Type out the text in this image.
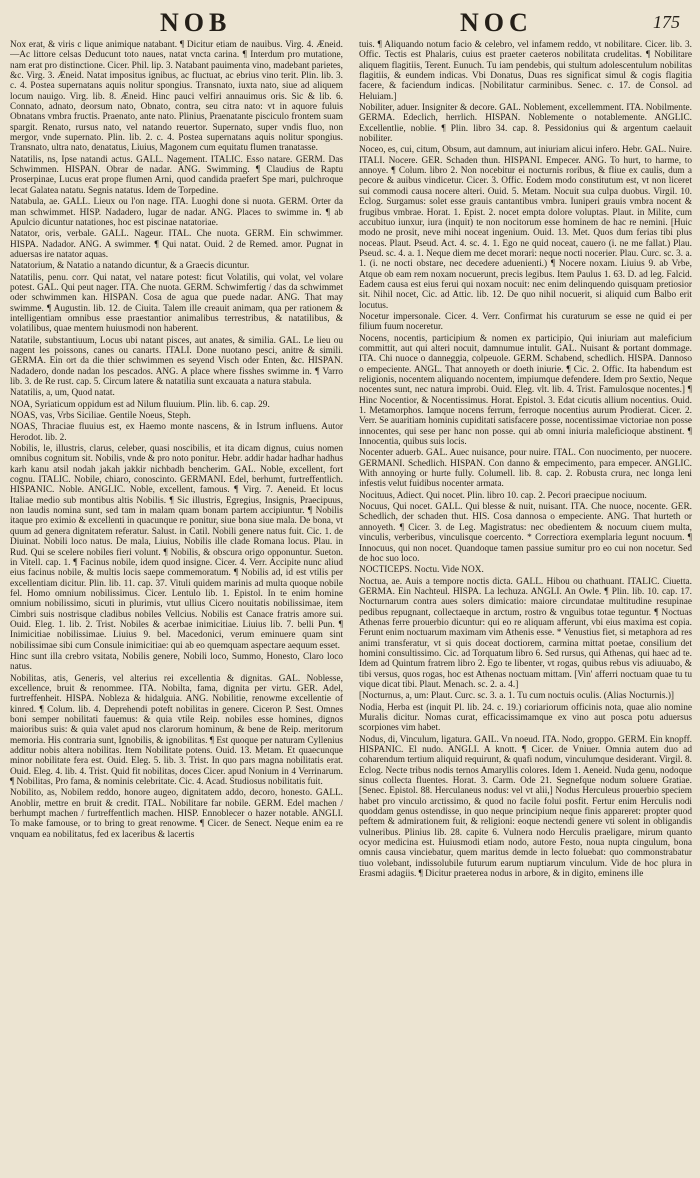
NOB	NOC	175

Nox erat, & viris c lique animique natabant. ¶ Dicitur etiam de nauibus. Virg. 4. Æneid. —Ac littore celsas Deducunt toto naues, natat vncta carina. ¶ Interdum pro mutatione, nam erat pro distinctione. Cicer. Phil. lip. 3. Natabant pauimenta vino, madebant parietes, &c. Virg. 3. Æneid. Natat impositus ignibus, ac fluctuat, ac ebrius vino terit. Plin. lib. 3. c. 4. Postea supernatans aquis nolitur spongius. Transnato, iuxta nato, siue ad aliquem locum nauigo. Virg. lib. 8. Æneid. Hinc pauci velfiri annauimus oris. Sic & lib. 6. Connato, adnato, deorsum nato, Obnato, contra, seu citra nato: vt in aquore fuluis Obnatans vmbra fructis. Praenato, ante nato. Plinius, Praenatante pisciculo frontem suam spargit. Renato, rursus nato, vel natando reuertor. Supernato, super vndis fluo, non mergor, vnde supernato. Plin. lib. 2. c. 4. Postea supernatans aquis nolitur spongius. Transnato, ultra nato, denatatus, Liuius, Magonem cum equitatu flumen tranatasse.

Natatilis, ns, Ipse natandi actus. GALL. Nagement. ITALIC. Esso natare. GERM. Das Schwimmen. HISPAN. Obrar de nadar. ANG. Swimming. ¶ Claudius de Raptu Proserpinae, Lucus erat prope flumen Arni, quod candida praefert Spe mari, pulchroque lecat Galatea natatu. Segnis natatus. Idem de Torpedine.

Natabula, ae. GALL. Lieux ou l'on nage. ITA. Luoghi done si nuota. GERM. Orter da man schwimmet. HISP. Nadadero, lugar de nadar. ANG. Places to swimme in. ¶ ab Apulcio dicuntur natationes, hoc est piscinae natatoriae.

Natator, oris, verbale. GALL. Nageur. ITAL. Che nuota. GERM. Ein schwimmer. HISPA. Nadador. ANG. A swimmer. ¶ Qui natat. Ouid. 2 de Remed. amor. Pugnat in aduersas ire natator aquas.

Natatorium, & Natatio a natando dicuntur, & a Graecis dicuntur.

Natatilis, penu. corr. Qui natat, vel natare potest: ficut Volatilis, qui volat, vel volare potest. GAL. Qui peut nager. ITA. Che nuota. GERM. Schwimfertig / das da schwimmet oder schwimmen kan. HISPAN. Cosa de agua que puede nadar. ANG. That may swimme. ¶ Augustin. lib. 12. de Ciuita. Talem ille creauit animam, qua per rationem & intelligentiam omnibus esse praestantior animalibus terrestribus, & natatilibus, & volatilibus, quae mentem huiusmodi non haberent.

Natatile, substantiuum, Locus ubi natant pisces, aut anates, & similia. GAL. Le lieu ou nagent les poissons, canes ou canarts. ITALI. Done nuotano pesci, anitre & simili. GERMA. Ein ort da die thier schwimmen es seyend Visch oder Enten, &c. HISPAN. Nadadero, donde nadan los pescados. ANG. A place where fisshes swimme in. ¶ Varro lib. 3. de Re rust. cap. 5. Circum latere & natatilia sunt excauata a natura stabula.

Natatilis, a, um, Quod natat.

NOA, Syriaticum oppidum est ad Nilum fluuium. Plin. lib. 6. cap. 29.

NOAS, vas, Vrbs Siciliae. Gentile Noeus, Steph.

NOAS, Thraciae fluuius est, ex Haemo monte nascens, & in Istrum influens. Autor Herodot. lib. 2.

Nobilis, le, illustris, clarus, celeber, quasi noscibilis, et ita dicam dignus, cuius nomen omnibus cognitum sit. Nobilis, vnde & pro noto ponitur. Hebr. addir hadar hadhar hadhus karh kanu atsil nodah jakah jakkir nichbadh bencherim. GAL. Noble, excellent, fort cognu. ITALIC. Nobile, chiaro, conoscinto. GERMANI. Edel, berhumt, furtreffentlich. HISPANIC. Noble. ANGLIC. Noble, excellent, famous. ¶ Virg. 7. Aeneid. Et locus Italiae medio sub montibus altis Nobilis. ¶ Sic illustris, Egregius, Insignis, Praecipuus, non laudis nomina sunt, sed tam in malam quam bonam partem accipiuntur. ¶ Nobilis itaque pro eximio & excellenti in quacunque re ponitur, siue bona siue mala. De bona, vt quum ad genera dignitatem referatur. Salust. in Catil. Nobili genere natus fuit. Cic. 1. de Diuinat. Nobili loco natus. De mala, Liuius, Nobilis ille clade Romana locus. Plau. in Rud. Qui se scelere nobiles fieri volunt. ¶ Nobilis, & obscura origo opponuntur. Sueton. in Vitell. cap. 1. ¶ Facinus nobile, idem quod insigne. Cicer. 4. Verr. Accipite nunc aliud eius facinus nobile, & multis locis saepe commemoratum. ¶ Nobilis ad, id est vtilis per excellentiam dicitur. Plin. lib. 11. cap. 37. Vituli quidem marinis ad multa quoque nobile fel. Homo omnium nobilissimus. Cicer. Lentulo lib. 1. Epistol. In te enim homine omnium nobilissimo, sicuti in plurimis, vtut ullius Cicero nouitatis nobilissimae, item Cimbri suis nostrisque cladibus nobiles Vellcius. Nobilis est Canace fratris amore sui. Ouid. Eleg. 1. lib. 2. Trist. Nobiles & acerbae inimicitiae. Liuius lib. 7. belli Pun. ¶ Inimicitiae nobilissimae. Liuius 9. bel. Macedonici, verum eminuere quam sint nobilissimae sibi cum Consule inimicitiae: qui ab eo quemquam aspectare aequum esset.

Hinc sunt illa crebro vsitata, Nobilis genere, Nobili loco, Summo, Honesto, Claro loco natus.

Nobilitas, atis, Generis, vel alterius rei excellentia & dignitas. GAL. Noblesse, excellence, bruit & renommee. ITA. Nobilta, fama, dignita per virtu. GER. Adel, furtreffenheit. HISPA. Nobleza & hidalguia. ANG. Nobilitie, renowme excellentie of kinred. ¶ Colum. lib. 4. Deprehendi poteft nobilitas in genere. Ciceron P. Sest. Omnes boni semper nobilitati fauemus: & quia vtile Reip. nobiles esse homines, dignos maioribus suis: & quia valet apud nos clarorum hominum, & bene de Reip. meritorum memoria. His contraria sunt, Ignobilis, & ignobilitas. ¶ Est quoque per naturam Cyllenius additur nobis altera nobilitas. Item Nobilitate potens. Ouid. 13. Metam. Et quaecunque minor nobilitate fera est. Ouid. Eleg. 5. lib. 3. Trist. In quo pars magna nobilitatis erat. Ouid. Eleg. 4. lib. 4. Trist. Quid fit nobilitas, doces Cicer. apud Nonium in 4 Verrinarum. ¶ Nobilitas, Pro fama, & nominis celebritate. Cic. 4. Acad. Studiosus nobilitatis fuit.

Nobilito, as, Nobilem reddo, honore augeo, dignitatem addo, decoro, honesto. GALL. Anoblir, mettre en bruit & credit. ITAL. Nobilitare far nobile. GERM. Edel machen / berhumpt machen / furtreffentlich machen. HISP. Ennoblecer o hazer notable. ANGLI. To make famouse, or to bring to great renowme. ¶ Cicer. de Senect. Neque enim ea re vnquam ea nobilitatus, fed ex laceribus & lacertis

tuis. ¶ Aliquando notum facio & celebro, vel infamem reddo, vt nobilitare. Cicer. lib. 3. Offic. Tectis est Phalaris, cuius est praeter caeteros nobilitata crudelitas. ¶ Nobilitare aliquem flagitiis, Terent. Eunuch. Tu iam pendebis, qui stultum adolescentulum nobilitas flagitiis, & eundem indicas. Vbi Donatus, Duas res significat simul & cogis flagitia facere, & faciendum indicas. [Nobilitatur carminibus. Senec. c. 17. de Consol. ad Heluiam.]

Nobiliter, aduer. Insigniter & decore. GAL. Noblement, excellemment. ITA. Nobilmente. GERMA. Edeclich, herrlich. HISPAN. Noblemente o notablemente. ANGLIC. Excellentlie, noblie. ¶ Plin. libro 34. cap. 8. Pessidonius qui & argentum caelauit nobiliter.

Noceo, es, cui, citum, Obsum, aut damnum, aut iniuriam alicui infero. Hebr. GAL. Nuire. ITALI. Nocere. GER. Schaden thun. HISPANI. Empecer. ANG. To hurt, to harme, to annoye. ¶ Colum. libro 2. Non nocebitur ei nocturnis roribus, & fliue ex caulis, dum a pecore & auibus vindicetur. Cicer. 3. Offic. Eodem modo constitutum est, vt non liceret sui commodi causa nocere alteri. Ouid. 5. Metam. Nocuit sua culpa duobus. Virgil. 10. Eclog. Surgamus: solet esse grauis cantantibus vmbra. Iuniperi grauis vmbra nocent & frugibus vmbrae. Horat. 1. Epist. 2. nocet empta dolore voluptas. Plaut. in Milite, cum accubituo iunxur, iura (inquit) te non nocitorum esse hominem de hac re nemini. [Huic modo ne prosit, neve mihi noceat ingenium. Ouid. 13. Met. Quos dum ferias tibi plus noceas. Plaut. Pseud. Act. 4. sc. 4. 1. Ego ne quid noceat, cauero (i. ne me fallat.) Plau. Pseud. sc. 4. a. 1. Neque diem me decet morari: neque nocti nocerier. Plau. Curc. sc. 3. a. 1. (i. ne nocti obstare, nec decedere aduenienti.) ¶ Nocere noxam. Liuius 9. ab Vrbe, Atque ob eam rem noxam nocuerunt, precis legibus. Item Paulus 1. 63. D. ad leg. Falcid. Eadem causa est eius ferui qui noxam nocuit: nec enim delinquendo quisquam pretiosior sit. Nihil nocet, Cic. ad Attic. lib. 12. De quo nihil nocuerit, si aliquid cum Balbo erit locutus.

Nocetur impersonale. Cicer. 4. Verr. Confirmat his curaturum se esse ne quid ei per filium fuum noceretur.

Nocens, nocentis, participium & nomen ex participio, Qui iniuriam aut maleficium committit, aut qui alteri nocuit, damnumue intulit. GAL. Nuisant & portant dommage. ITA. Chi nuoce o danneggia, colpeuole. GERM. Schabend, schedlich. HISPA. Dannoso o empeciente. ANGL. That annoyeth or doeth iniurie. ¶ Cic. 2. Offic. Ita habendum est religionis, nocentem aliquando nocentem, impiumque defendere. Idem pro Sextio, Neque nocentes sunt, nec natura improbi. Ouid. Eleg. vlt. lib. 4. Trist. Famulosque nocentes.] ¶ Hinc Nocentior, & Nocentissimus. Horat. Epistol. 3. Edat cicutis allium nocentius. Ouid. 1. Metamorphos. Iamque nocens ferrum, ferroque nocentius aurum Prodierat. Cicer. 2. Verr. Se auaritiam hominis cupiditati satisfacere posse, nocentissimae victoriae non posse innocentes, qui sese per hanc non posse. qui ab omni iniuria maleficioque abstinent. ¶ Innocentia, quibus suis locis.

Nocenter aduerb. GAL. Auec nuisance, pour nuire. ITAL. Con nuocimento, per nuocere. GERMANI. Schedlich. HISPAN. Con danno & empecimento, para empecer. ANGLIC. With annoying or hurte fully. Columell. lib. 8. cap. 2. Robusta crura, nec longa leni infestis velut fuidibus nocenter armata.

Nocituus, Adiect. Qui nocet. Plin. libro 10. cap. 2. Pecori praecipue nociuum.

Nocuus, Qui nocet. GALL. Qui blesse & nuit, nuisant. ITA. Che nuoce, nocente. GER. Schedlich, der schaden thut. HIS. Cosa dannosa o empeciente. ANG. That hurteth or annoyeth. ¶ Cicer. 3. de Leg. Magistratus: nec obedientem & nocuum ciuem multa, vinculis, verberibus, vinculisque coercento. * Correctiora exemplaria legunt nocuum. ¶ Innocuus, qui non nocet. Quandoque tamen passiue sumitur pro eo cui non nocetur. Sed de hoc suo loco.

NOCTICEPS. Noctu. Vide NOX.

Noctua, ae. Auis a tempore noctis dicta. GALL. Hibou ou chathuant. ITALIC. Ciuetta. GERMA. Ein Nachteul. HISPA. La lechuza. ANGLI. An Owle. ¶ Plin. lib. 10. cap. 17. Nocturnarum contra aues solers dimicatio: maiore circundatae multitudine resupinae pedibus repugnant, collectaeque in arctum, rostro & vnguibus totae teguntur. ¶ Noctuas Athenas ferre prouerbio dicuntur: qui eo re aliquam afferunt, vbi eius maxima est copia. Ferunt enim noctuarum maximam vim Athenis esse. * Venustius fiet, si metaphora ad res animi transferatur, vt si quis doceat doctiorem, carmina mittat poetae, consilium det homini consultissimo. Cic. ad Torquatum libro 6. Sed rursus, qui Athenas, qui haec ad te. Idem ad Quintum fratrem libro 2. Ego te libenter, vt rogas, quibus rebus vis adiuuabo, & tibi versus, quos rogas, hoc est Athenas noctuam mittam. [Vin' afferri noctuam quae tu tu vique dicat tibi. Plaut. Menach. sc. 2. a. 4.]

[Nocturnus, a, um: Plaut. Curc. sc. 3. a. 1. Tu cum noctuis oculis. (Alias Nocturnis.)]

Nodia, Herba est (inquit Pl. lib. 24. c. 19.) coriariorum officinis nota, quae alio nomine Muralis dicitur. Nomas curat, efficacissimamque ex vino aut posca potu aduersus scorpiones vim habet.

Nodus, di, Vinculum, ligatura. GAIL. Vn noeud. ITA. Nodo, groppo. GERM. Ein knopff. HISPANIC. El nudo. ANGLI. A knott. ¶ Cicer. de Vniuer. Omnia autem duo ad coharendum tertium aliquid requirunt, & quafi nodum, vinculumque desiderant. Virgil. 8. Eclog. Necte tribus nodis ternos Amaryllis colores. Idem 1. Aeneid. Nuda genu, nodoque sinus collecta fluentes. Horat. 3. Carm. Ode 21. Segnefque nodum soluere Gratiae. [Senec. Epistol. 88. Herculaneus nodus: vel vt alii,] Nodus Herculeus prouerbio speciem habet pro vinculo arctissimo, & quod no facile folui posfit. Fertur enim Herculis nodi quoddam genus ostendisse, in quo neque principium neque finis appareret: propter quod peftem & admirationem fuit, & religioni: eoque nectendi genere vti solent in obligandis vulneribus. Plinius lib. 28. capite 6. Vulnera nodo Herculis praeligare, mirum quanto ocyor medicina est. Huiusmodi etiam nodo, autore Festo, noua nupta cingulum, bona omnis causa vinciebatur, quem maritus demde in lecto foluebat: quo commonstrabatur tiuo volebant, indissolubile futurum earum nuptiarum vinculum. Vide de hoc plura in Erasmi adagiis. ¶ Dicitur praeterea nodus in arbore, & in digito, eminens ille
